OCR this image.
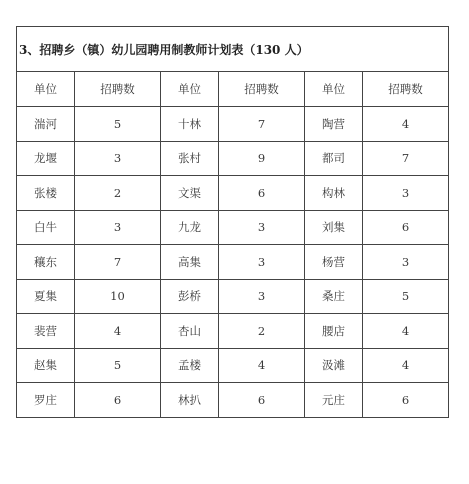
3、招聘乡（镇）幼儿园聘用制教师计划表（130 人）					
单位	招聘数	单位	招聘数	单位	招聘数
湍河	5	十林	7	陶营	4
龙堰	3	张村	9	都司	7
张楼	2	文渠	6	构林	3
白牛	3	九龙	3	刘集	6
穰东	7	高集	3	杨营	3
夏集	10	彭桥	3	桑庄	5
裴营	4	杏山	2	腰店	4
赵集	5	孟楼	4	汲滩	4
罗庄	6	林扒	6	元庄	6
